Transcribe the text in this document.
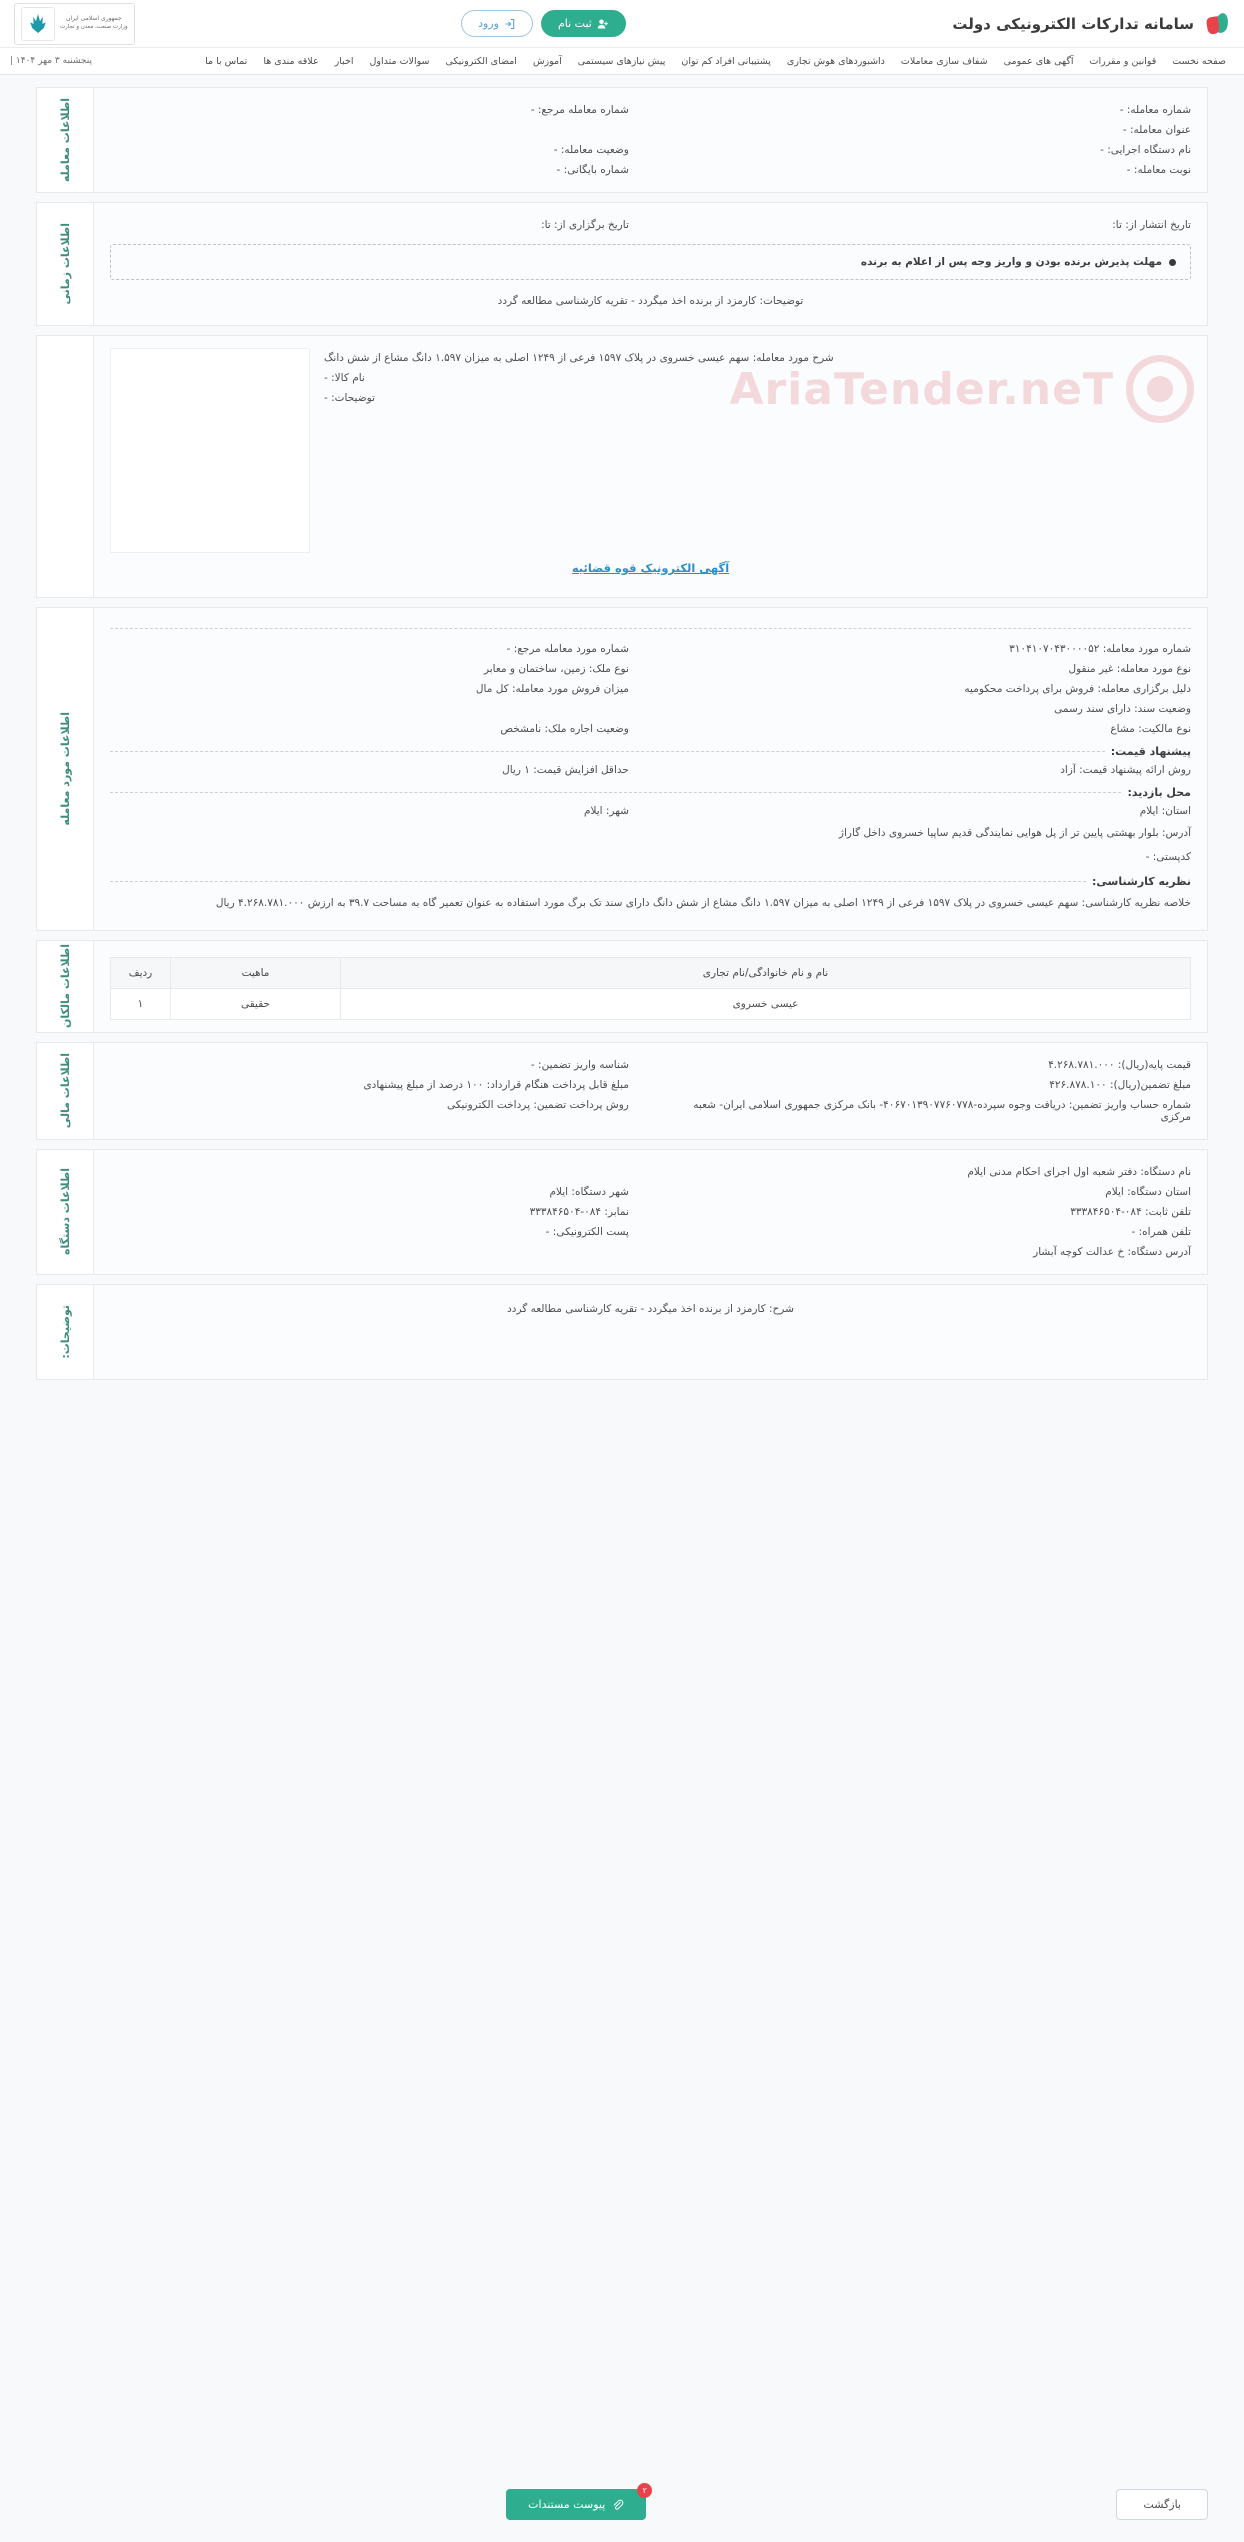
سامانه تدارکات الکترونیکی دولت
ثبت نام
ورود
جمهوری اسلامی ایران
وزارت صنعت، معدن و تجارت
صفحه نخست
قوانین و مقررات
آگهی های عمومی
شفاف سازی معاملات
داشبوردهای هوش تجاری
پشتیبانی افراد کم توان
پیش نیازهای سیستمی
آموزش
امضای الکترونیکی
سوالات متداول
اخبار
علاقه مندی ها
تماس با ما
پنجشنبه ۳ مهر ۱۴۰۴ |
اطلاعات معامله	شماره معامله: -
شماره معامله مرجع: -
عنوان معامله: -
نام دستگاه اجرایی: -
وضعیت معامله: -
نوبت معامله: -
شماره بایگانی: -
اطلاعات زمانی	تاریخ انتشار از: تا:
تاریخ برگزاری از: تا:
مهلت پذیرش برنده بودن و واریز وجه پس از اعلام به برنده
توضیحات: کارمزد از برنده اخذ میگردد - تقریه کارشناسی مطالعه گردد
شرح مورد معامله: سهم عیسی خسروی در پلاک ۱۵۹۷ فرعی از ۱۲۴۹ اصلی به میزان ۱.۵۹۷ دانگ مشاع از شش دانگ
نام کالا: -
توضیحات: -
آگهی الکترونیک قوه قضائیه
اطلاعات مورد معامله
شماره مورد معامله: ۳۱۰۴۱۰۷۰۴۳۰۰۰۰۵۲
شماره مورد معامله مرجع: -
نوع مورد معامله: غیر منقول
نوع ملک: زمین، ساختمان و معابر
دلیل برگزاری معامله: فروش برای پرداخت محکومیه
میزان فروش مورد معامله: کل مال
وضعیت سند: دارای سند رسمی
نوع مالکیت: مشاع
وضعیت اجاره ملک: نامشخص
پیشنهاد قیمت:
روش ارائه پیشنهاد قیمت: آزاد
حداقل افزایش قیمت: ۱ ریال
محل بازدید:
استان: ایلام
شهر: ایلام
آدرس: بلوار بهشتی پایین تر از پل هوایی نمایندگی قدیم ساپیا خسروی داخل گاراژ
کدپستی: -
نظریه کارشناسی:
خلاصه نظریه کارشناسی: سهم عیسی خسروی در پلاک ۱۵۹۷ فرعی از ۱۲۴۹ اصلی به میزان ۱.۵۹۷ دانگ مشاع از شش دانگ دارای سند تک برگ مورد استفاده به عنوان تعمیر گاه به مساحت ۳۹.۷ به ارزش ۴.۲۶۸.۷۸۱.۰۰۰ ریال
اطلاعات مالکان	نام و نام خانوادگی/نام تجاری	ماهیت	ردیف
عیسی خسروی	حقیقی	۱
اطلاعات مالی	قیمت پایه(ریال): ۴.۲۶۸.۷۸۱.۰۰۰
شناسه واریز تضمین: -
مبلغ تضمین(ریال): ۴۲۶.۸۷۸.۱۰۰
مبلغ قابل پرداخت هنگام قرارداد: ۱۰۰ درصد از مبلغ پیشنهادی
شماره حساب واریز تضمین: دریافت وجوه سپرده-۴۰۶۷۰۱۳۹۰۷۷۶۰۷۷۸- بانک مرکزی جمهوری اسلامی ایران- شعبه مرکزی
روش پرداخت تضمین: پرداخت الکترونیکی
اطلاعات دستگاه	نام دستگاه: دفتر شعبه اول اجرای احکام مدنی ایلام
استان دستگاه: ایلام
شهر دستگاه: ایلام
تلفن ثابت: ۰۸۴-۳۳۳۸۴۶۵۰۴
نمابر: ۰۸۴-۳۳۳۸۴۶۵۰۴
تلفن همراه: -
پست الکترونیکی: -
آدرس دستگاه: خ عدالت کوچه آبشار
توضیحات:	شرح: کارمزد از برنده اخذ میگردد - تقریه کارشناسی مطالعه گردد
بازگشت
۲
پیوست مستندات
